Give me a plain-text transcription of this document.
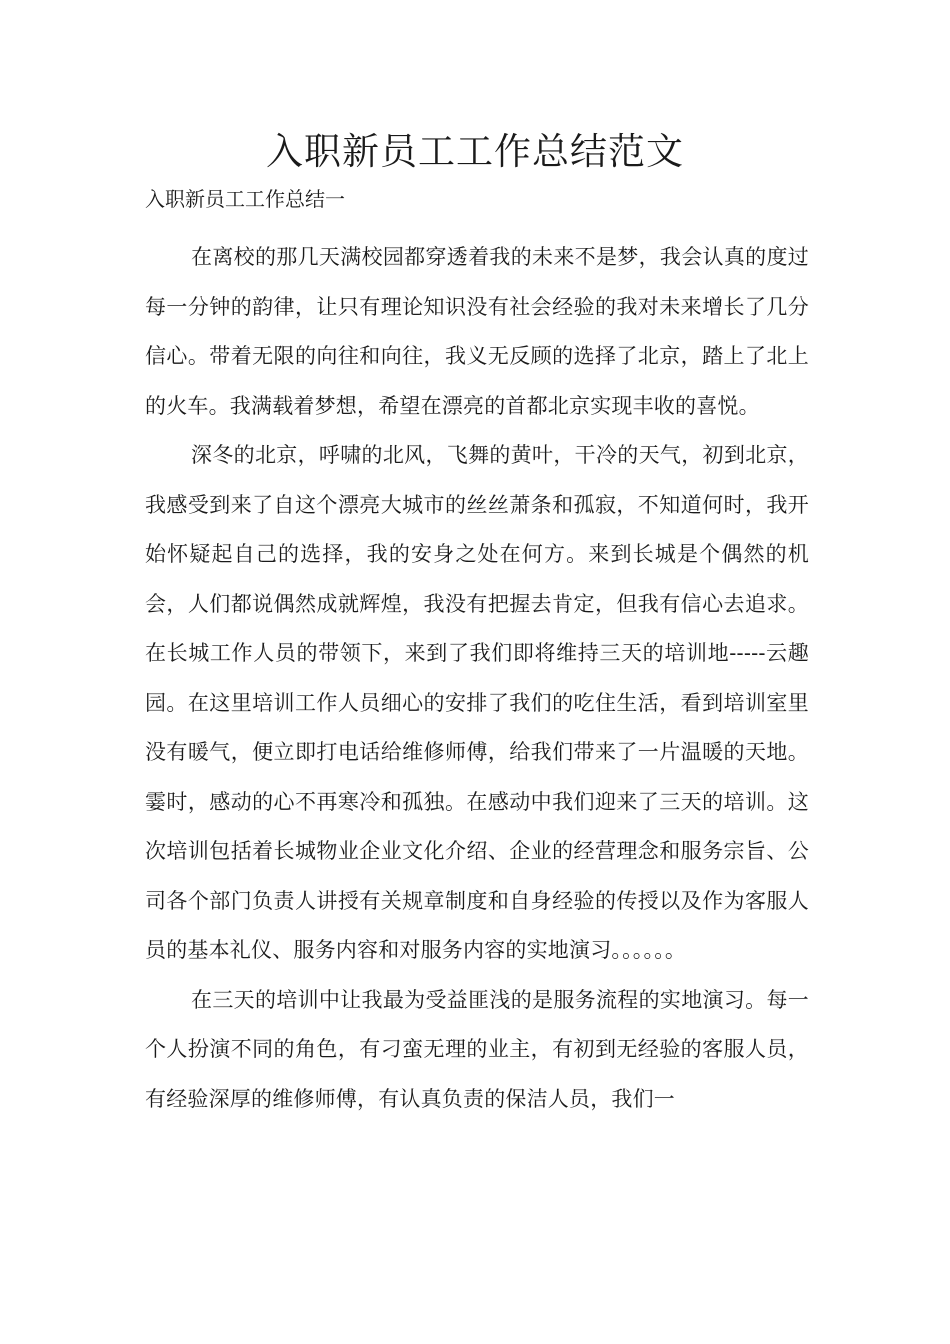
入职新员工工作总结范文

入职新员工工作总结一

在离校的那几天满校园都穿透着我的未来不是梦，我会认真的度过每一分钟的韵律，让只有理论知识没有社会经验的我对未来增长了几分信心。带着无限的向往和向往，我义无反顾的选择了北京，踏上了北上的火车。我满载着梦想，希望在漂亮的首都北京实现丰收的喜悦。

深冬的北京，呼啸的北风，飞舞的黄叶，干冷的天气，初到北京，我感受到来了自这个漂亮大城市的丝丝萧条和孤寂，不知道何时，我开始怀疑起自己的选择，我的安身之处在何方。来到长城是个偶然的机会，人们都说偶然成就辉煌，我没有把握去肯定，但我有信心去追求。在长城工作人员的带领下，来到了我们即将维持三天的培训地-----云趣园。在这里培训工作人员细心的安排了我们的吃住生活，看到培训室里没有暖气，便立即打电话给维修师傅，给我们带来了一片温暖的天地。霎时，感动的心不再寒冷和孤独。在感动中我们迎来了三天的培训。这次培训包括着长城物业企业文化介绍、企业的经营理念和服务宗旨、公司各个部门负责人讲授有关规章制度和自身经验的传授以及作为客服人员的基本礼仪、服务内容和对服务内容的实地演习。。。。。。

在三天的培训中让我最为受益匪浅的是服务流程的实地演习。每一个人扮演不同的角色，有刁蛮无理的业主，有初到无经验的客服人员，有经验深厚的维修师傅，有认真负责的保洁人员，我们一
